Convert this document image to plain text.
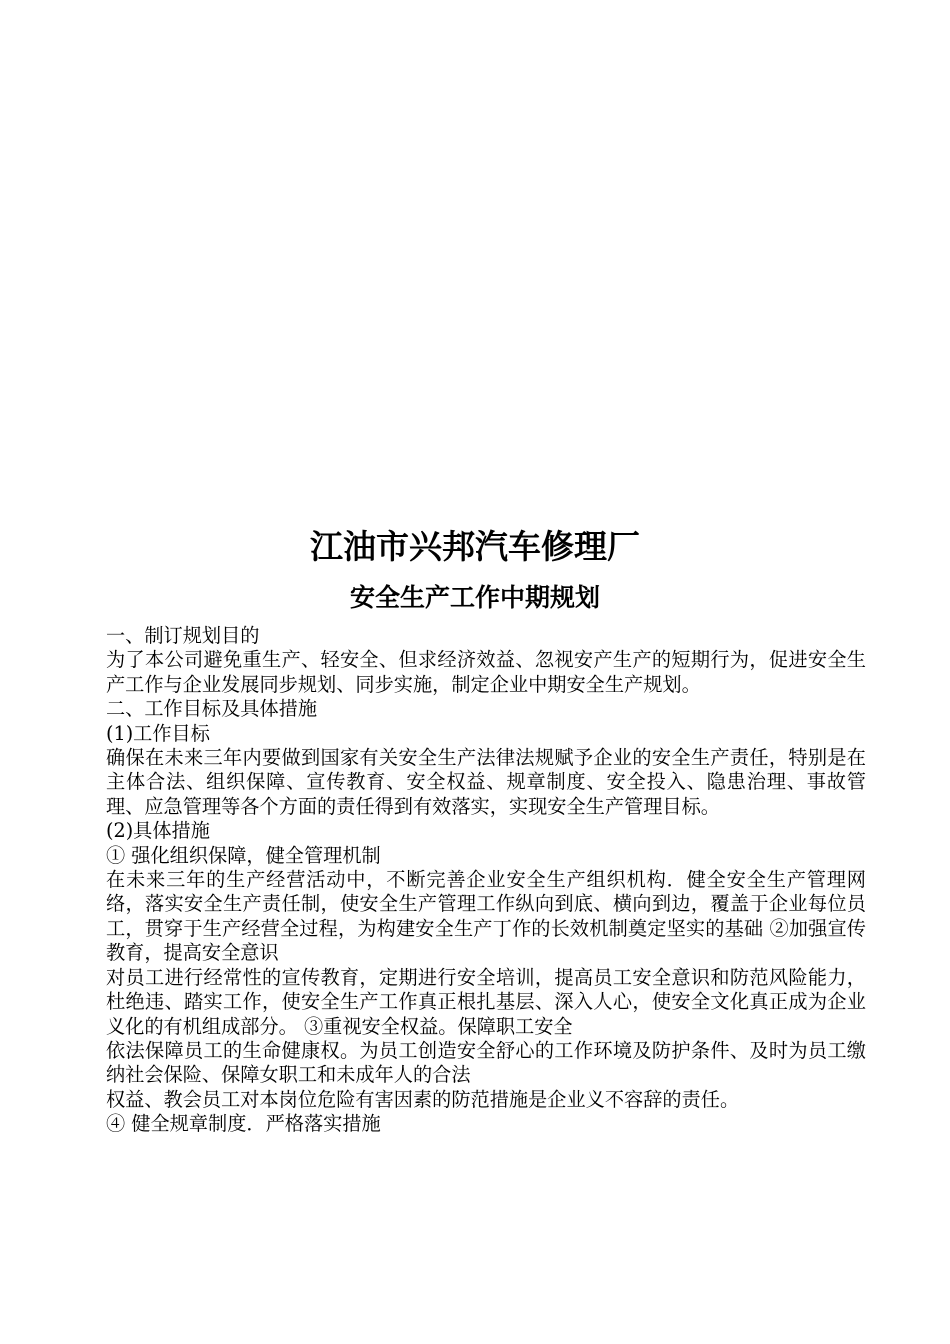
江油市兴邦汽车修理厂
安全生产工作中期规划

一、制订规划目的

为了本公司避免重生产、轻安全、但求经济效益、忽视安产生产的短期行为，促进安全生产工作与企业发展同步规划、同步实施，制定企业中期安全生产规划。

二、工作目标及具体措施

(1)工作目标

确保在未来三年内要做到国家有关安全生产法律法规赋予企业的安全生产责任，特别是在主体合法、组织保障、宣传教育、安全权益、规章制度、安全投入、隐患治理、事故管理、应急管理等各个方面的责任得到有效落实，实现安全生产管理目标。

(2)具体措施

① 强化组织保障，健全管理机制

在未来三年的生产经营活动中，不断完善企业安全生产组织机构．健全安全生产管理网络，落实安全生产责任制，使安全生产管理工作纵向到底、横向到边，覆盖于企业每位员工，贯穿于生产经营全过程，为构建安全生产丁作的长效机制奠定坚实的基础 ②加强宣传教育，提高安全意识

对员工进行经常性的宣传教育，定期进行安全培训，提高员工安全意识和防范风险能力，杜绝违、踏实工作，使安全生产工作真正根扎基层、深入人心，使安全文化真正成为企业义化的有机组成部分。 ③重视安全权益。保障职工安全

依法保障员工的生命健康权。为员工创造安全舒心的工作环境及防护条件、及时为员工缴纳社会保险、保障女职工和未成年人的合法

权益、教会员工对本岗位危险有害因素的防范措施是企业义不容辞的责任。

④ 健全规章制度．严格落实措施
